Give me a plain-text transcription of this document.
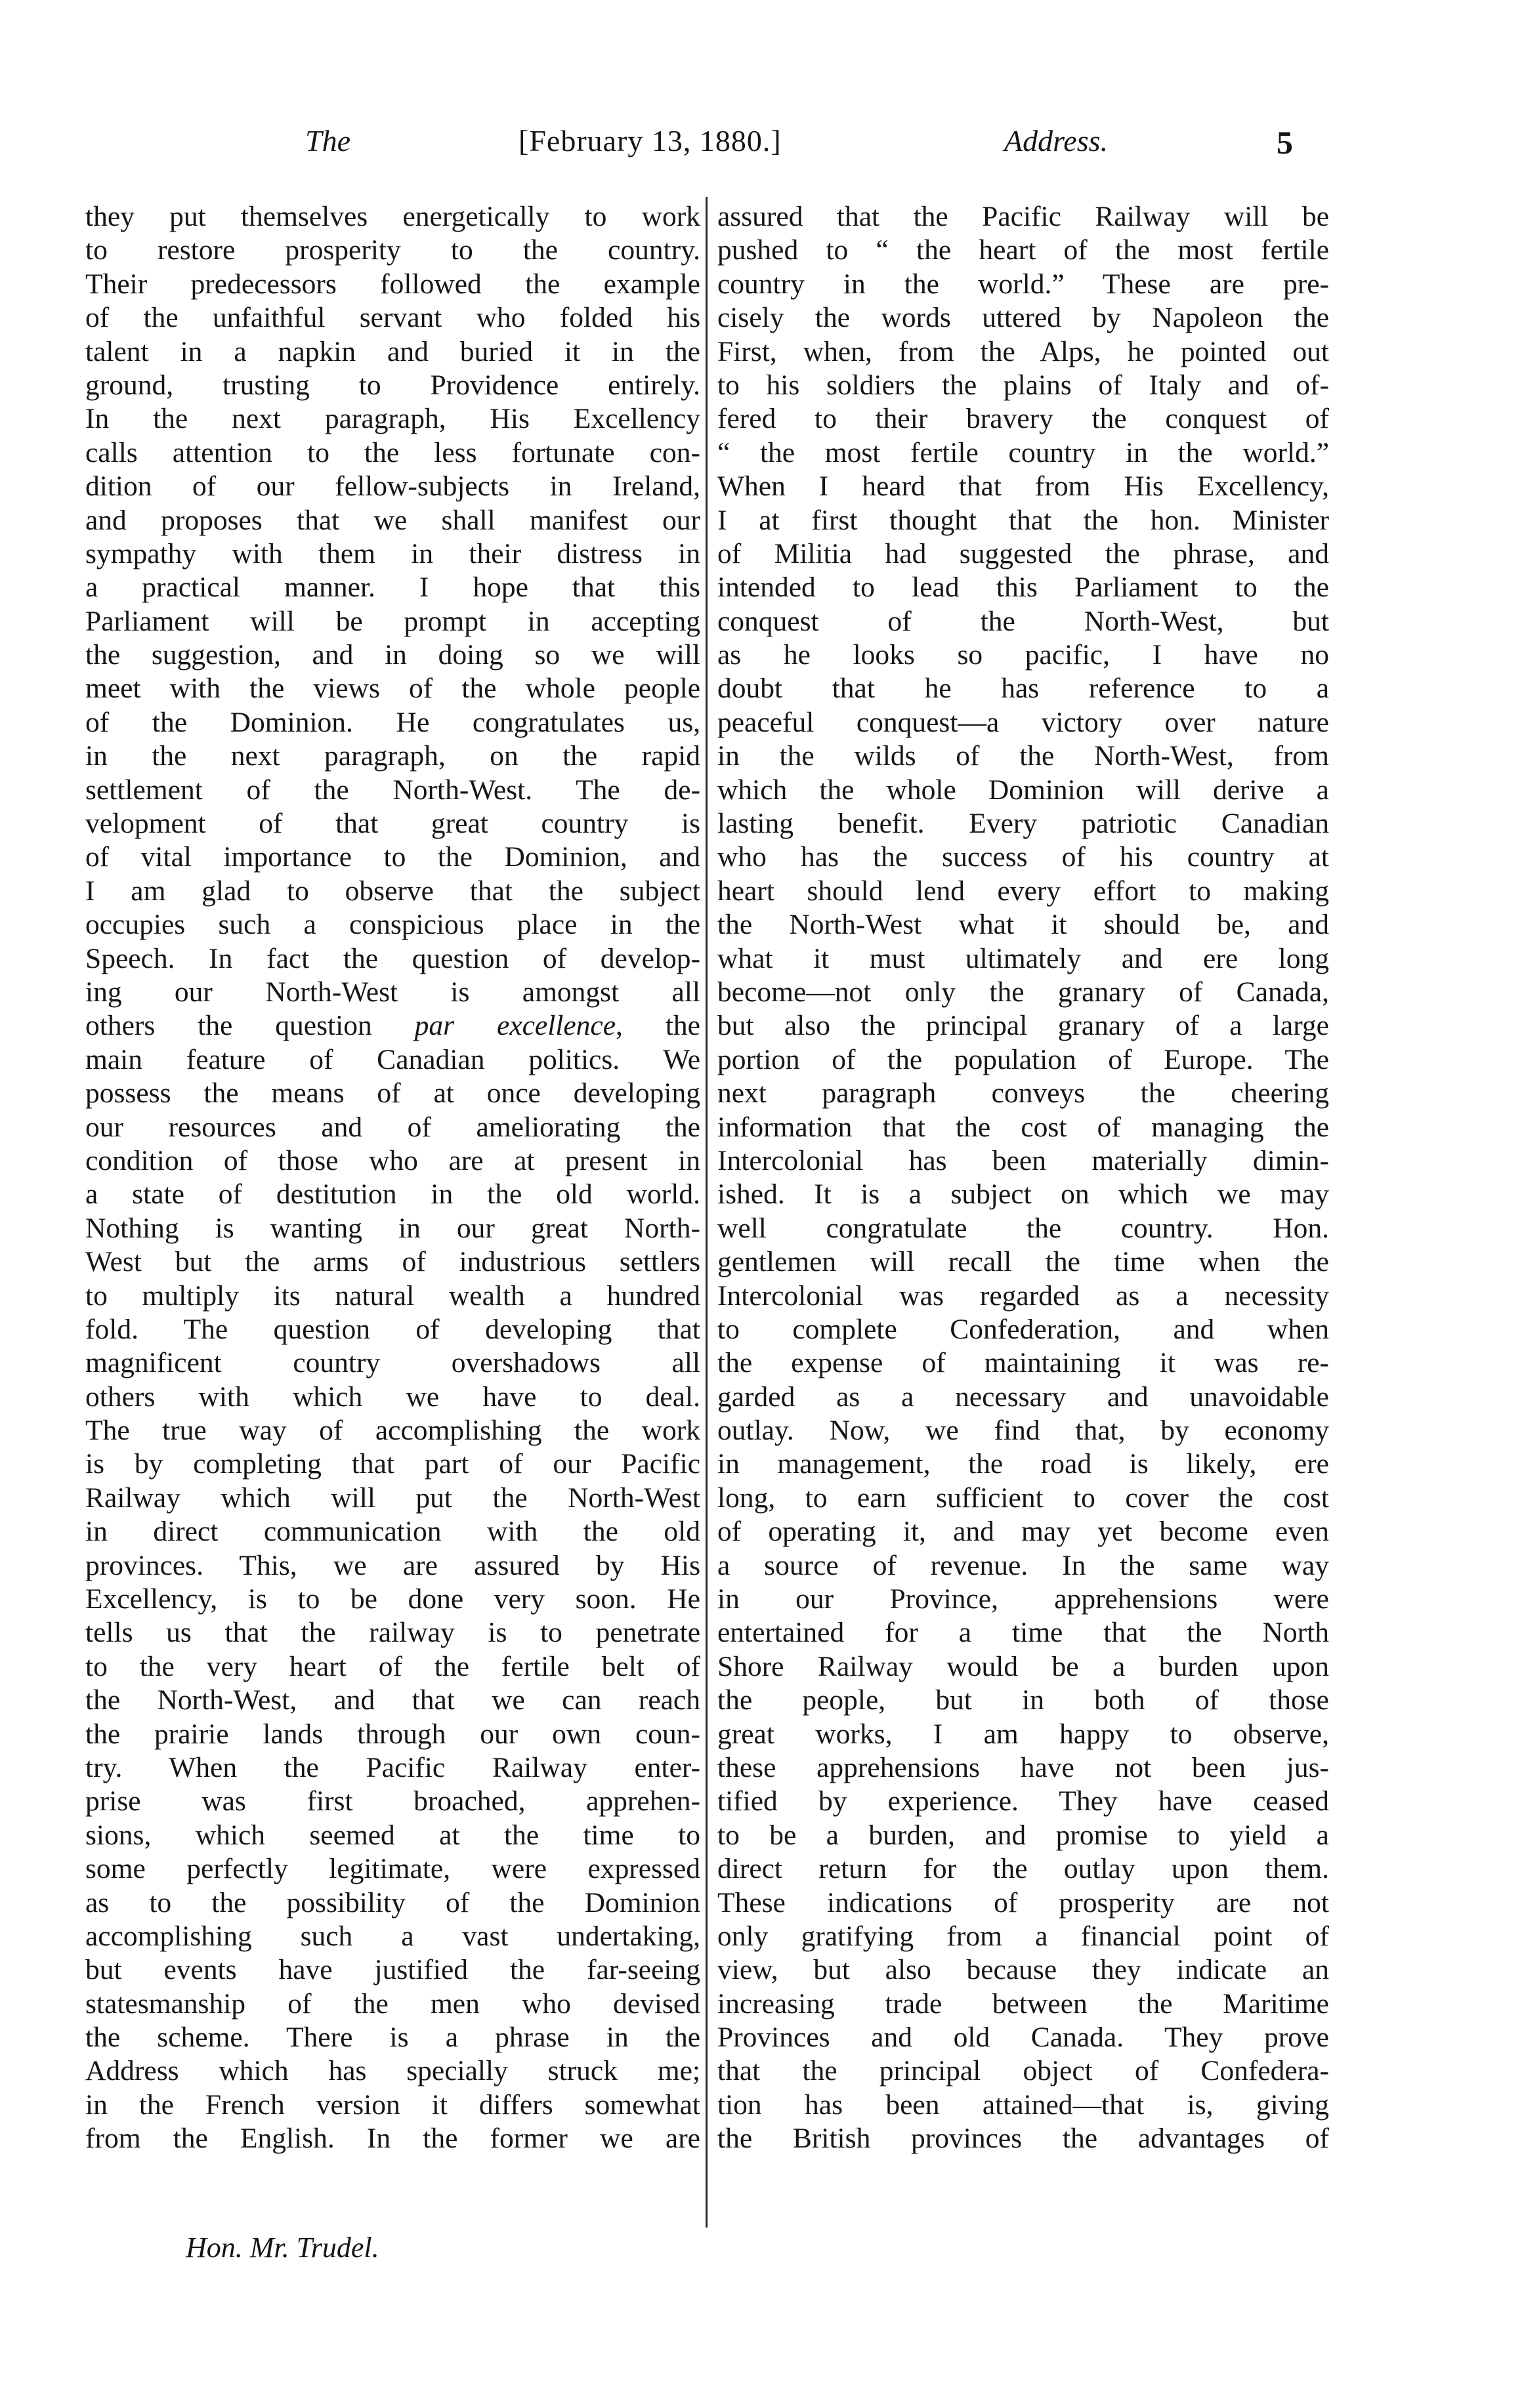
The	[February 13, 1880.]	Address.	5
they put themselves energetically to work
to restore prosperity to the country.
Their predecessors followed the example
of the unfaithful servant who folded his
talent in a napkin and buried it in the
ground, trusting to Providence entirely.
In the next paragraph, His Excellency
calls attention to the less fortunate con-
dition of our fellow-subjects in Ireland,
and proposes that we shall manifest our
sympathy with them in their distress in
a practical manner. I hope that this
Parliament will be prompt in accepting
the suggestion, and in doing so we will
meet with the views of the whole people
of the Dominion. He congratulates us,
in the next paragraph, on the rapid
settlement of the North-West. The de-
velopment of that great country is
of vital importance to the Dominion, and
I am glad to observe that the subject
occupies such a conspicious place in the
Speech. In fact the question of develop-
ing our North-West is amongst all
others the question par excellence, the
main feature of Canadian politics. We
possess the means of at once developing
our resources and of ameliorating the
condition of those who are at present in
a state of destitution in the old world.
Nothing is wanting in our great North-
West but the arms of industrious settlers
to multiply its natural wealth a hundred
fold. The question of developing that
magnificent country overshadows all
others with which we have to deal.
The true way of accomplishing the work
is by completing that part of our Pacific
Railway which will put the North-West
in direct communication with the old
provinces. This, we are assured by His
Excellency, is to be done very soon. He
tells us that the railway is to penetrate
to the very heart of the fertile belt of
the North-West, and that we can reach
the prairie lands through our own coun-
try. When the Pacific Railway enter-
prise was first broached, apprehen-
sions, which seemed at the time to
some perfectly legitimate, were expressed
as to the possibility of the Dominion
accomplishing such a vast undertaking,
but events have justified the far-seeing
statesmanship of the men who devised
the scheme. There is a phrase in the
Address which has specially struck me;
in the French version it differs somewhat
from the English. In the former we are
assured that the Pacific Railway will be
pushed to “ the heart of the most fertile
country in the world.” These are pre-
cisely the words uttered by Napoleon the
First, when, from the Alps, he pointed out
to his soldiers the plains of Italy and of-
fered to their bravery the conquest of
“ the most fertile country in the world.”
When I heard that from His Excellency,
I at first thought that the hon. Minister
of Militia had suggested the phrase, and
intended to lead this Parliament to the
conquest of the North-West, but
as he looks so pacific, I have no
doubt that he has reference to a
peaceful conquest—a victory over nature
in the wilds of the North-West, from
which the whole Dominion will derive a
lasting benefit. Every patriotic Canadian
who has the success of his country at
heart should lend every effort to making
the North-West what it should be, and
what it must ultimately and ere long
become—not only the granary of Canada,
but also the principal granary of a large
portion of the population of Europe. The
next paragraph conveys the cheering
information that the cost of managing the
Intercolonial has been materially dimin-
ished. It is a subject on which we may
well congratulate the country. Hon.
gentlemen will recall the time when the
Intercolonial was regarded as a necessity
to complete Confederation, and when
the expense of maintaining it was re-
garded as a necessary and unavoidable
outlay. Now, we find that, by economy
in management, the road is likely, ere
long, to earn sufficient to cover the cost
of operating it, and may yet become even
a source of revenue. In the same way
in our Province, apprehensions were
entertained for a time that the North
Shore Railway would be a burden upon
the people, but in both of those
great works, I am happy to observe,
these apprehensions have not been jus-
tified by experience. They have ceased
to be a burden, and promise to yield a
direct return for the outlay upon them.
These indications of prosperity are not
only gratifying from a financial point of
view, but also because they indicate an
increasing trade between the Maritime
Provinces and old Canada. They prove
that the principal object of Confedera-
tion has been attained—that is, giving
the British provinces the advantages of
Hon. Mr. Trudel.
